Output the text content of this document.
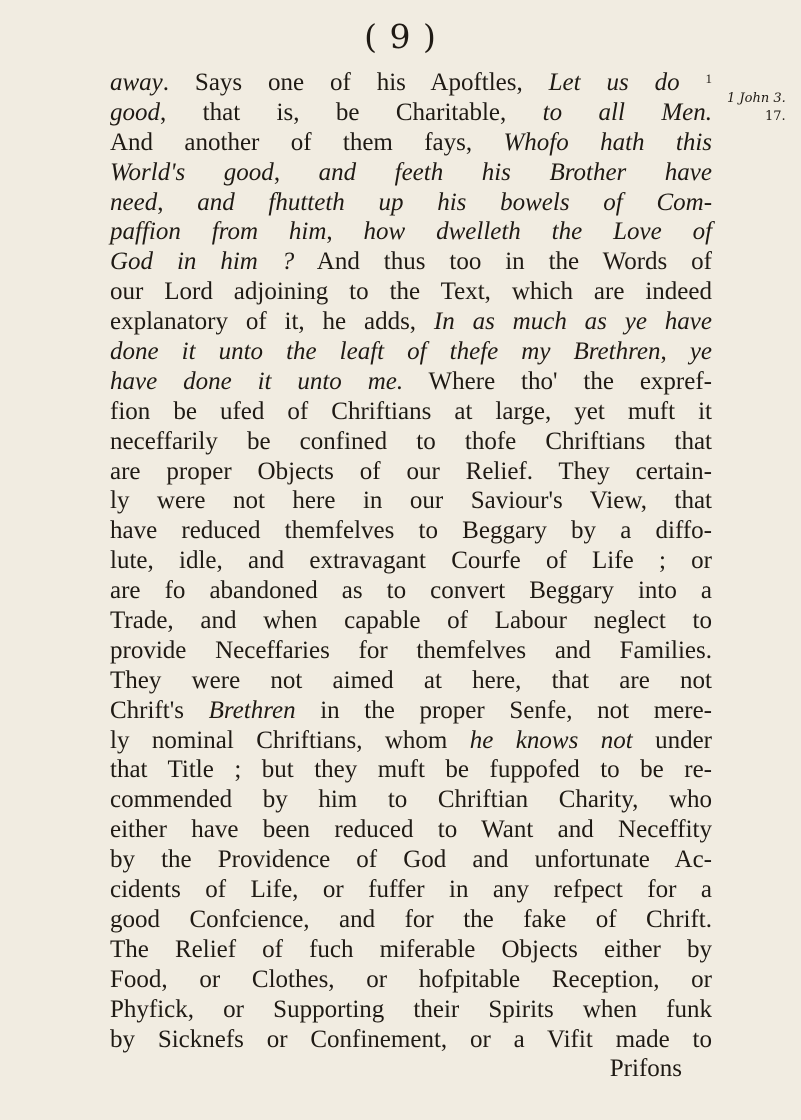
( 9 )
1 John 3.
17.
away. Says one of his Apoftles, Let us do $^1$
good, that is, be Charitable, to all Men.
And another of them fays, Whofo hath this
World's good, and feeth his Brother have
need, and fhutteth up his bowels of Com-
paffion from him, how dwelleth the Love of
God in him ? And thus too in the Words of
our Lord adjoining to the Text, which are indeed
explanatory of it, he adds, In as much as ye have
done it unto the leaft of thefe my Brethren, ye
have done it unto me. Where tho' the expref-
fion be ufed of Chriftians at large, yet muft it
neceffarily be confined to thofe Chriftians that
are proper Objects of our Relief. They certain-
ly were not here in our Saviour's View, that
have reduced themfelves to Beggary by a diffo-
lute, idle, and extravagant Courfe of Life ; or
are fo abandoned as to convert Beggary into a
Trade, and when capable of Labour neglect to
provide Neceffaries for themfelves and Families.
They were not aimed at here, that are not
Chrift's Brethren in the proper Senfe, not mere-
ly nominal Chriftians, whom he knows not under
that Title ; but they muft be fuppofed to be re-
commended by him to Chriftian Charity, who
either have been reduced to Want and Neceffity
by the Providence of God and unfortunate Ac-
cidents of Life, or fuffer in any refpect for a
good Confcience, and for the fake of Chrift.
The Relief of fuch miferable Objects either by
Food, or Clothes, or hofpitable Reception, or
Phyfick, or Supporting their Spirits when funk
by Sicknefs or Confinement, or a Vifit made to
Prifons
